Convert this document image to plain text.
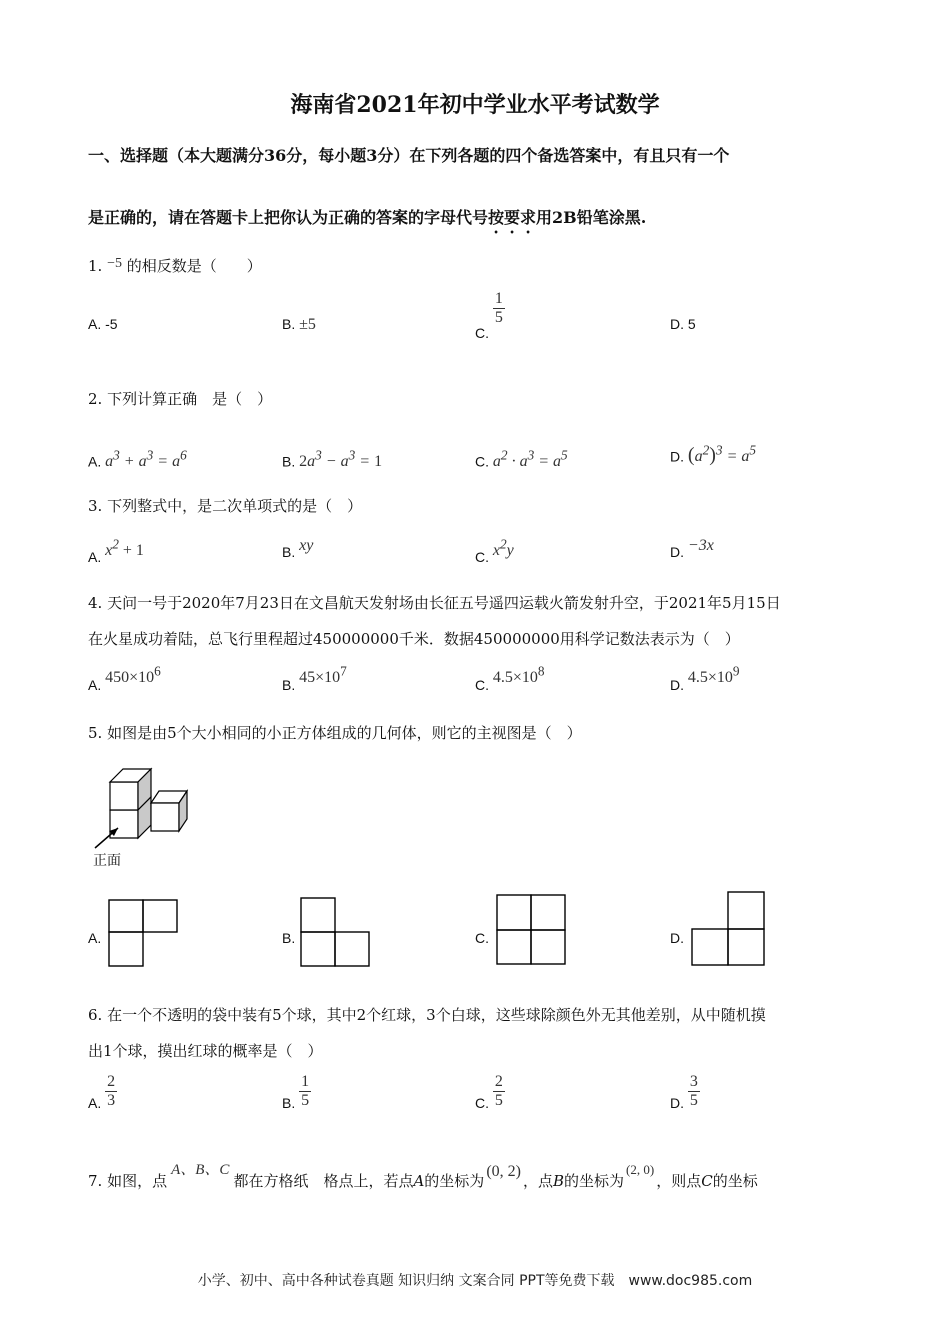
海南省2021年初中学业水平考试数学
一、选择题（本大题满分36分，每小题3分）在下列各题的四个备选答案中，有且只有一个
是正确的，请在答题卡上把你认为正确的答案的字母代号按要求用2B铅笔涂黑.
1. −5 的相反数是（　　）
A. -5	B. ±5	C.
$\frac{1}{5}$	D. 5
2. 下列计算正确　是（　）
A. $a^3 + a^3 = a^6$	B. $2a^3 - a^3 = 1$	C. $a^2 \cdot a^3 = a^5$	D. $(a^2)^3 = a^5$
3. 下列整式中，是二次单项式的是（　）
A. $x^2 + 1$	B. xy
C. $x^2y$	D. −3x
4. 天问一号于2020年7月23日在文昌航天发射场由长征五号遥四运载火箭发射升空，于2021年5月15日
在火星成功着陆，总飞行里程超过450000000千米．数据450000000用科学记数法表示为（　）
A. $450\times 10^6$
B. $45\times 10^7$
C. $4.5\times 10^8$
D. $4.5\times 10^9$
5. 如图是由5个大小相同的小正方体组成的几何体，则它的主视图是（　）
正面
A.	B.	C.	D.
6. 在一个不透明的袋中装有5个球，其中2个红球，3个白球，这些球除颜色外无其他差别，从中随机摸
出1个球，摸出红球的概率是（　）
A. $\frac{2}{3}$	B. $\frac{1}{5}$	C. $\frac{2}{5}$	D. $\frac{3}{5}$
7. 如图，点A、B、C都在方格纸　格点上，若点A的坐标为(0, 2)，点B的坐标为(2, 0)，则点C的坐标
小学、初中、高中各种试卷真题 知识归纳 文案合同 PPT等免费下载　www.doc985.com
